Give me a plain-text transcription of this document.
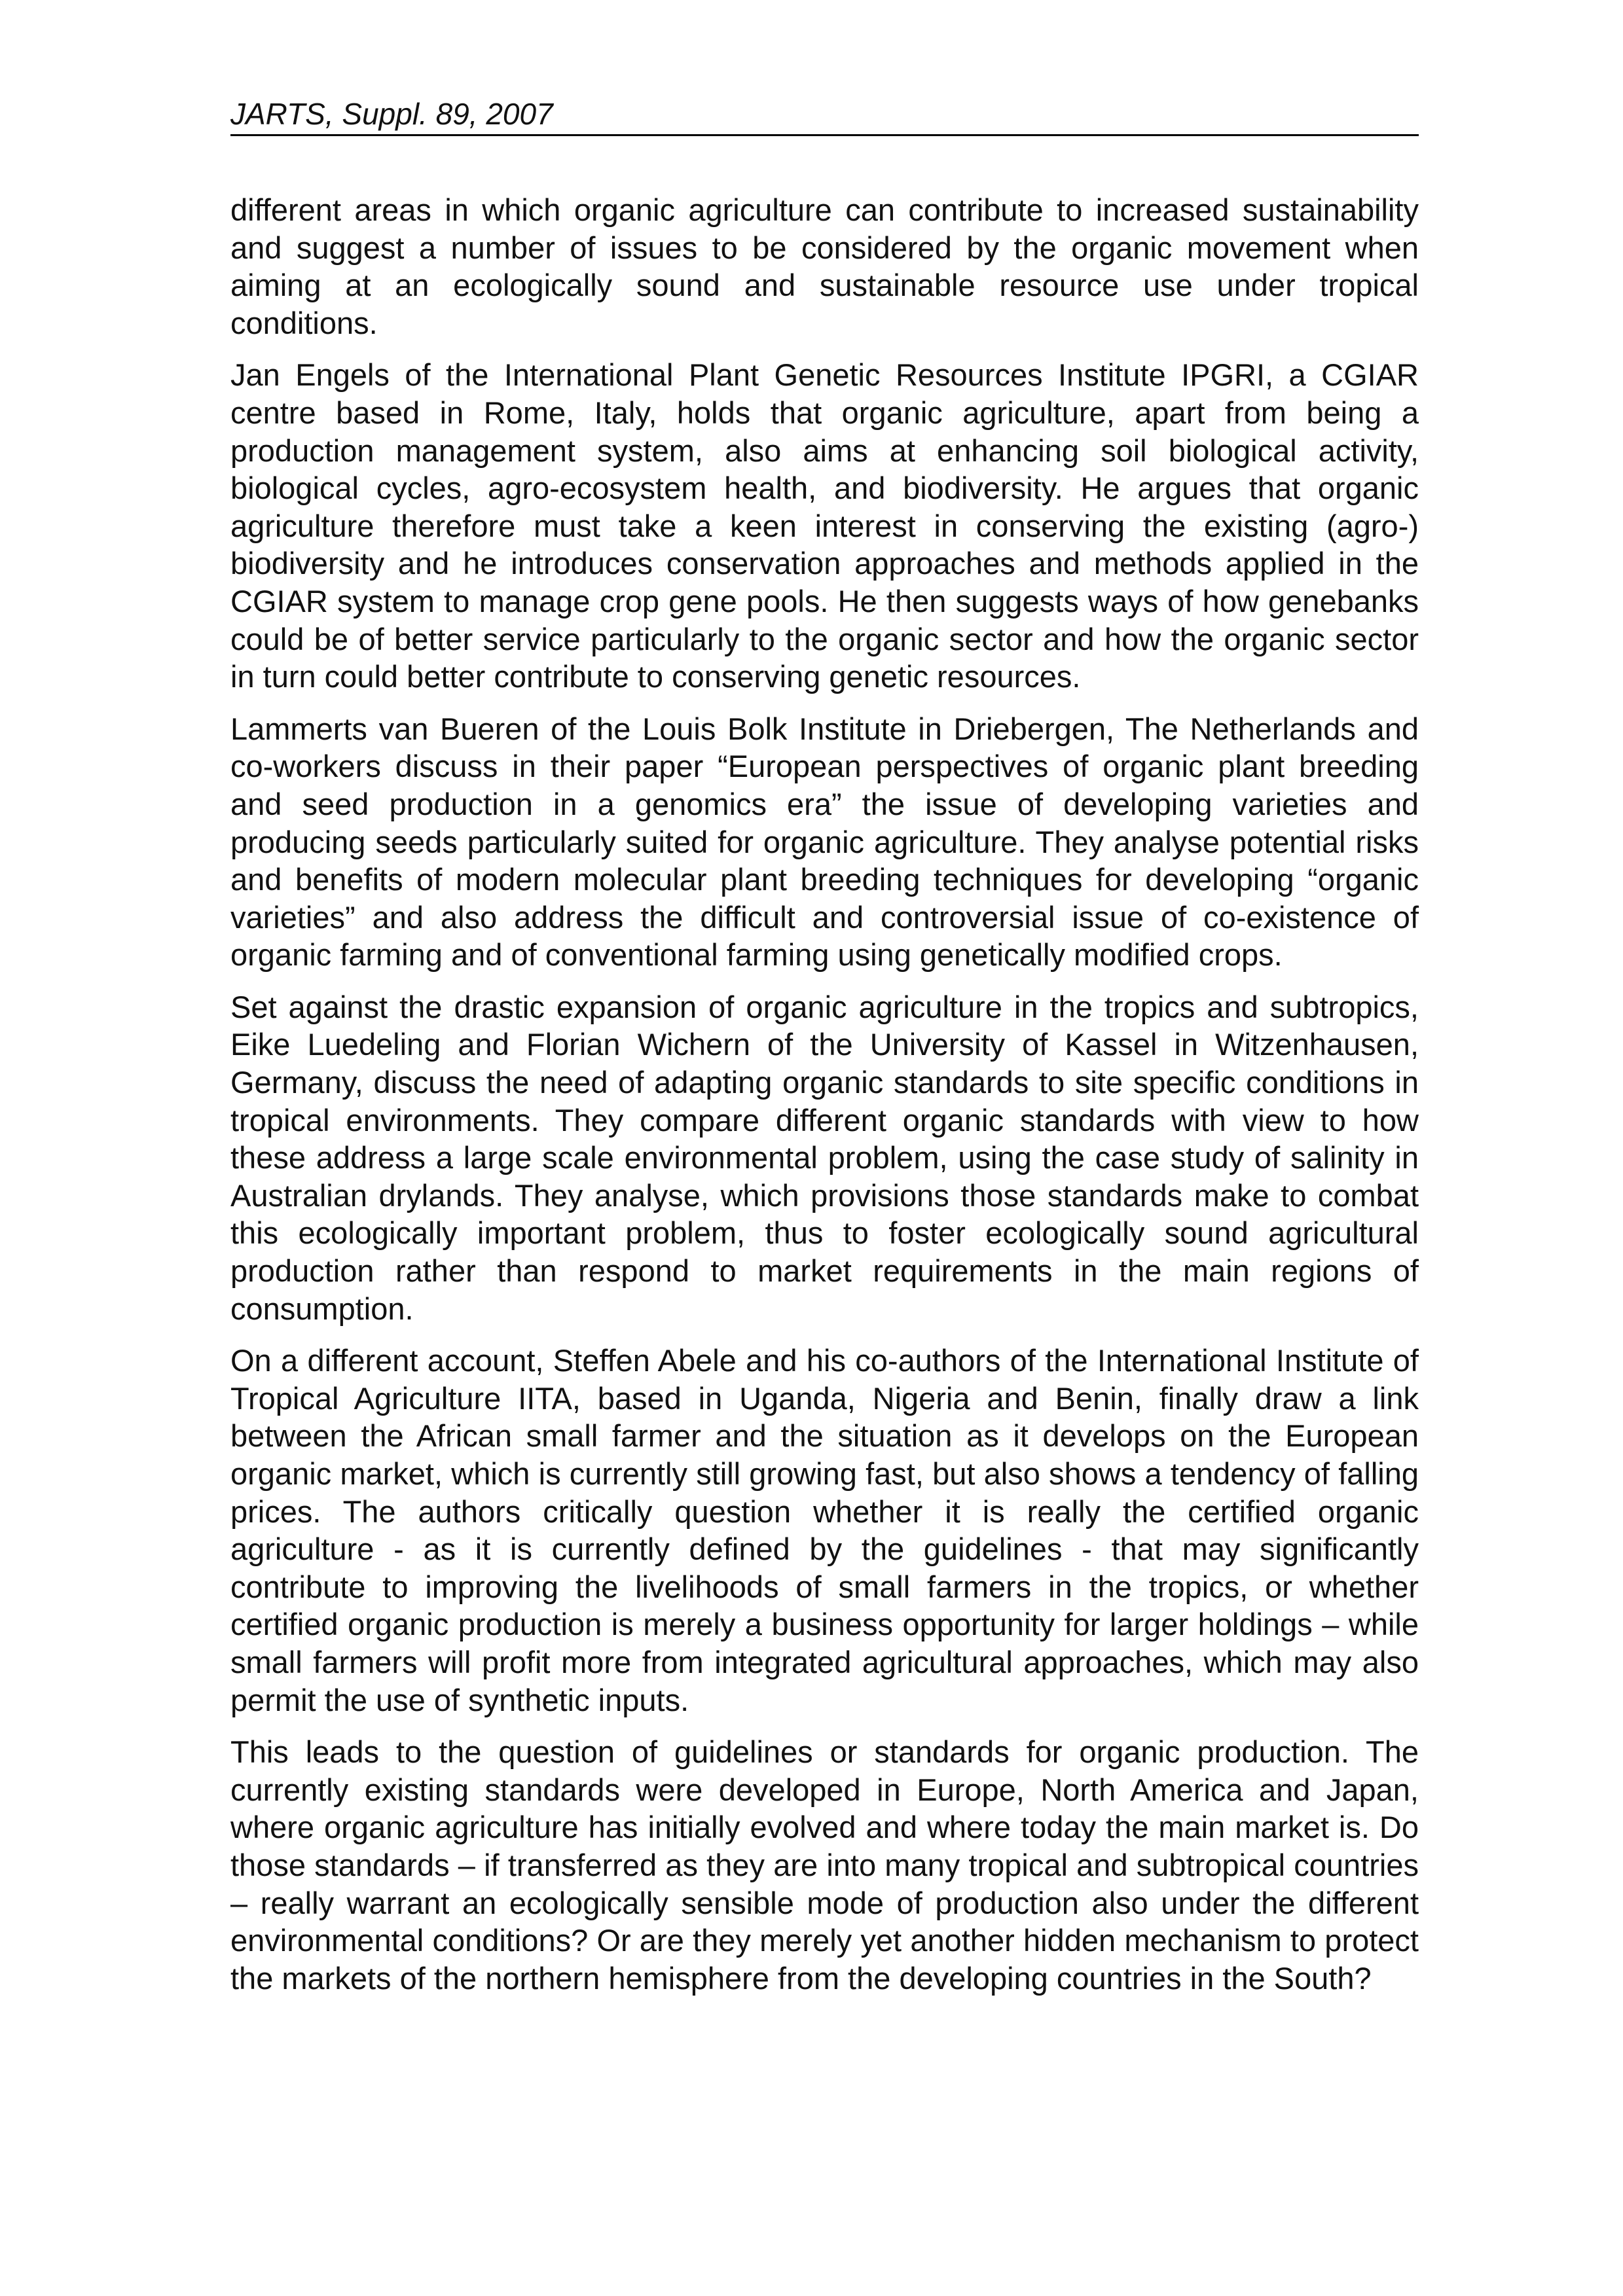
JARTS, Suppl. 89, 2007

different areas in which organic agriculture can contribute to increased sustainability and suggest a number of issues to be considered by the organic movement when aiming at an ecologically sound and sustainable resource use under tropical conditions.

Jan Engels of the International Plant Genetic Resources Institute IPGRI, a CGIAR centre based in Rome, Italy, holds that organic agriculture, apart from being a production management system, also aims at enhancing soil biological activity, biological cycles, agro-ecosystem health, and biodiversity. He argues that organic agriculture therefore must take a keen interest in conserving the existing (agro-) biodiversity and he introduces conservation approaches and methods applied in the CGIAR system to manage crop gene pools. He then suggests ways of how genebanks could be of better service particularly to the organic sector and how the organic sector in turn could better contribute to conserving genetic resources.

Lammerts van Bueren of the Louis Bolk Institute in Driebergen, The Netherlands and co-workers discuss in their paper “European perspectives of organic plant breeding and seed production in a genomics era” the issue of developing varieties and producing seeds particularly suited for organic agriculture. They analyse potential risks and benefits of modern molecular plant breeding techniques for developing “organic varieties” and also address the difficult and controversial issue of co-existence of organic farming and of conventional farming using genetically modified crops.

Set against the drastic expansion of organic agriculture in the tropics and subtropics, Eike Luedeling and Florian Wichern of the University of Kassel in Witzenhausen, Germany, discuss the need of adapting organic standards to site specific conditions in tropical environments. They compare different organic standards with view to how these address a large scale environmental problem, using the case study of salinity in Australian drylands. They analyse, which provisions those standards make to combat this ecologically important problem, thus to foster ecologically sound agricultural production rather than respond to market requirements in the main regions of consumption.

On a different account, Steffen Abele and his co-authors of the International Institute of Tropical Agriculture IITA, based in Uganda, Nigeria and Benin, finally draw a link between the African small farmer and the situation as it develops on the European organic market, which is currently still growing fast, but also shows a tendency of falling prices. The authors critically question whether it is really the certified organic agriculture - as it is currently defined by the guidelines - that may significantly contribute to improving the livelihoods of small farmers in the tropics, or whether certified organic production is merely a business opportunity for larger holdings – while small farmers will profit more from integrated agricultural approaches, which may also permit the use of synthetic inputs.

This leads to the question of guidelines or standards for organic production. The currently existing standards were developed in Europe, North America and Japan, where organic agriculture has initially evolved and where today the main market is. Do those standards – if transferred as they are into many tropical and subtropical countries – really warrant an ecologically sensible mode of production also under the different environmental conditions? Or are they merely yet another hidden mechanism to protect the markets of the northern hemisphere from the developing countries in the South?
